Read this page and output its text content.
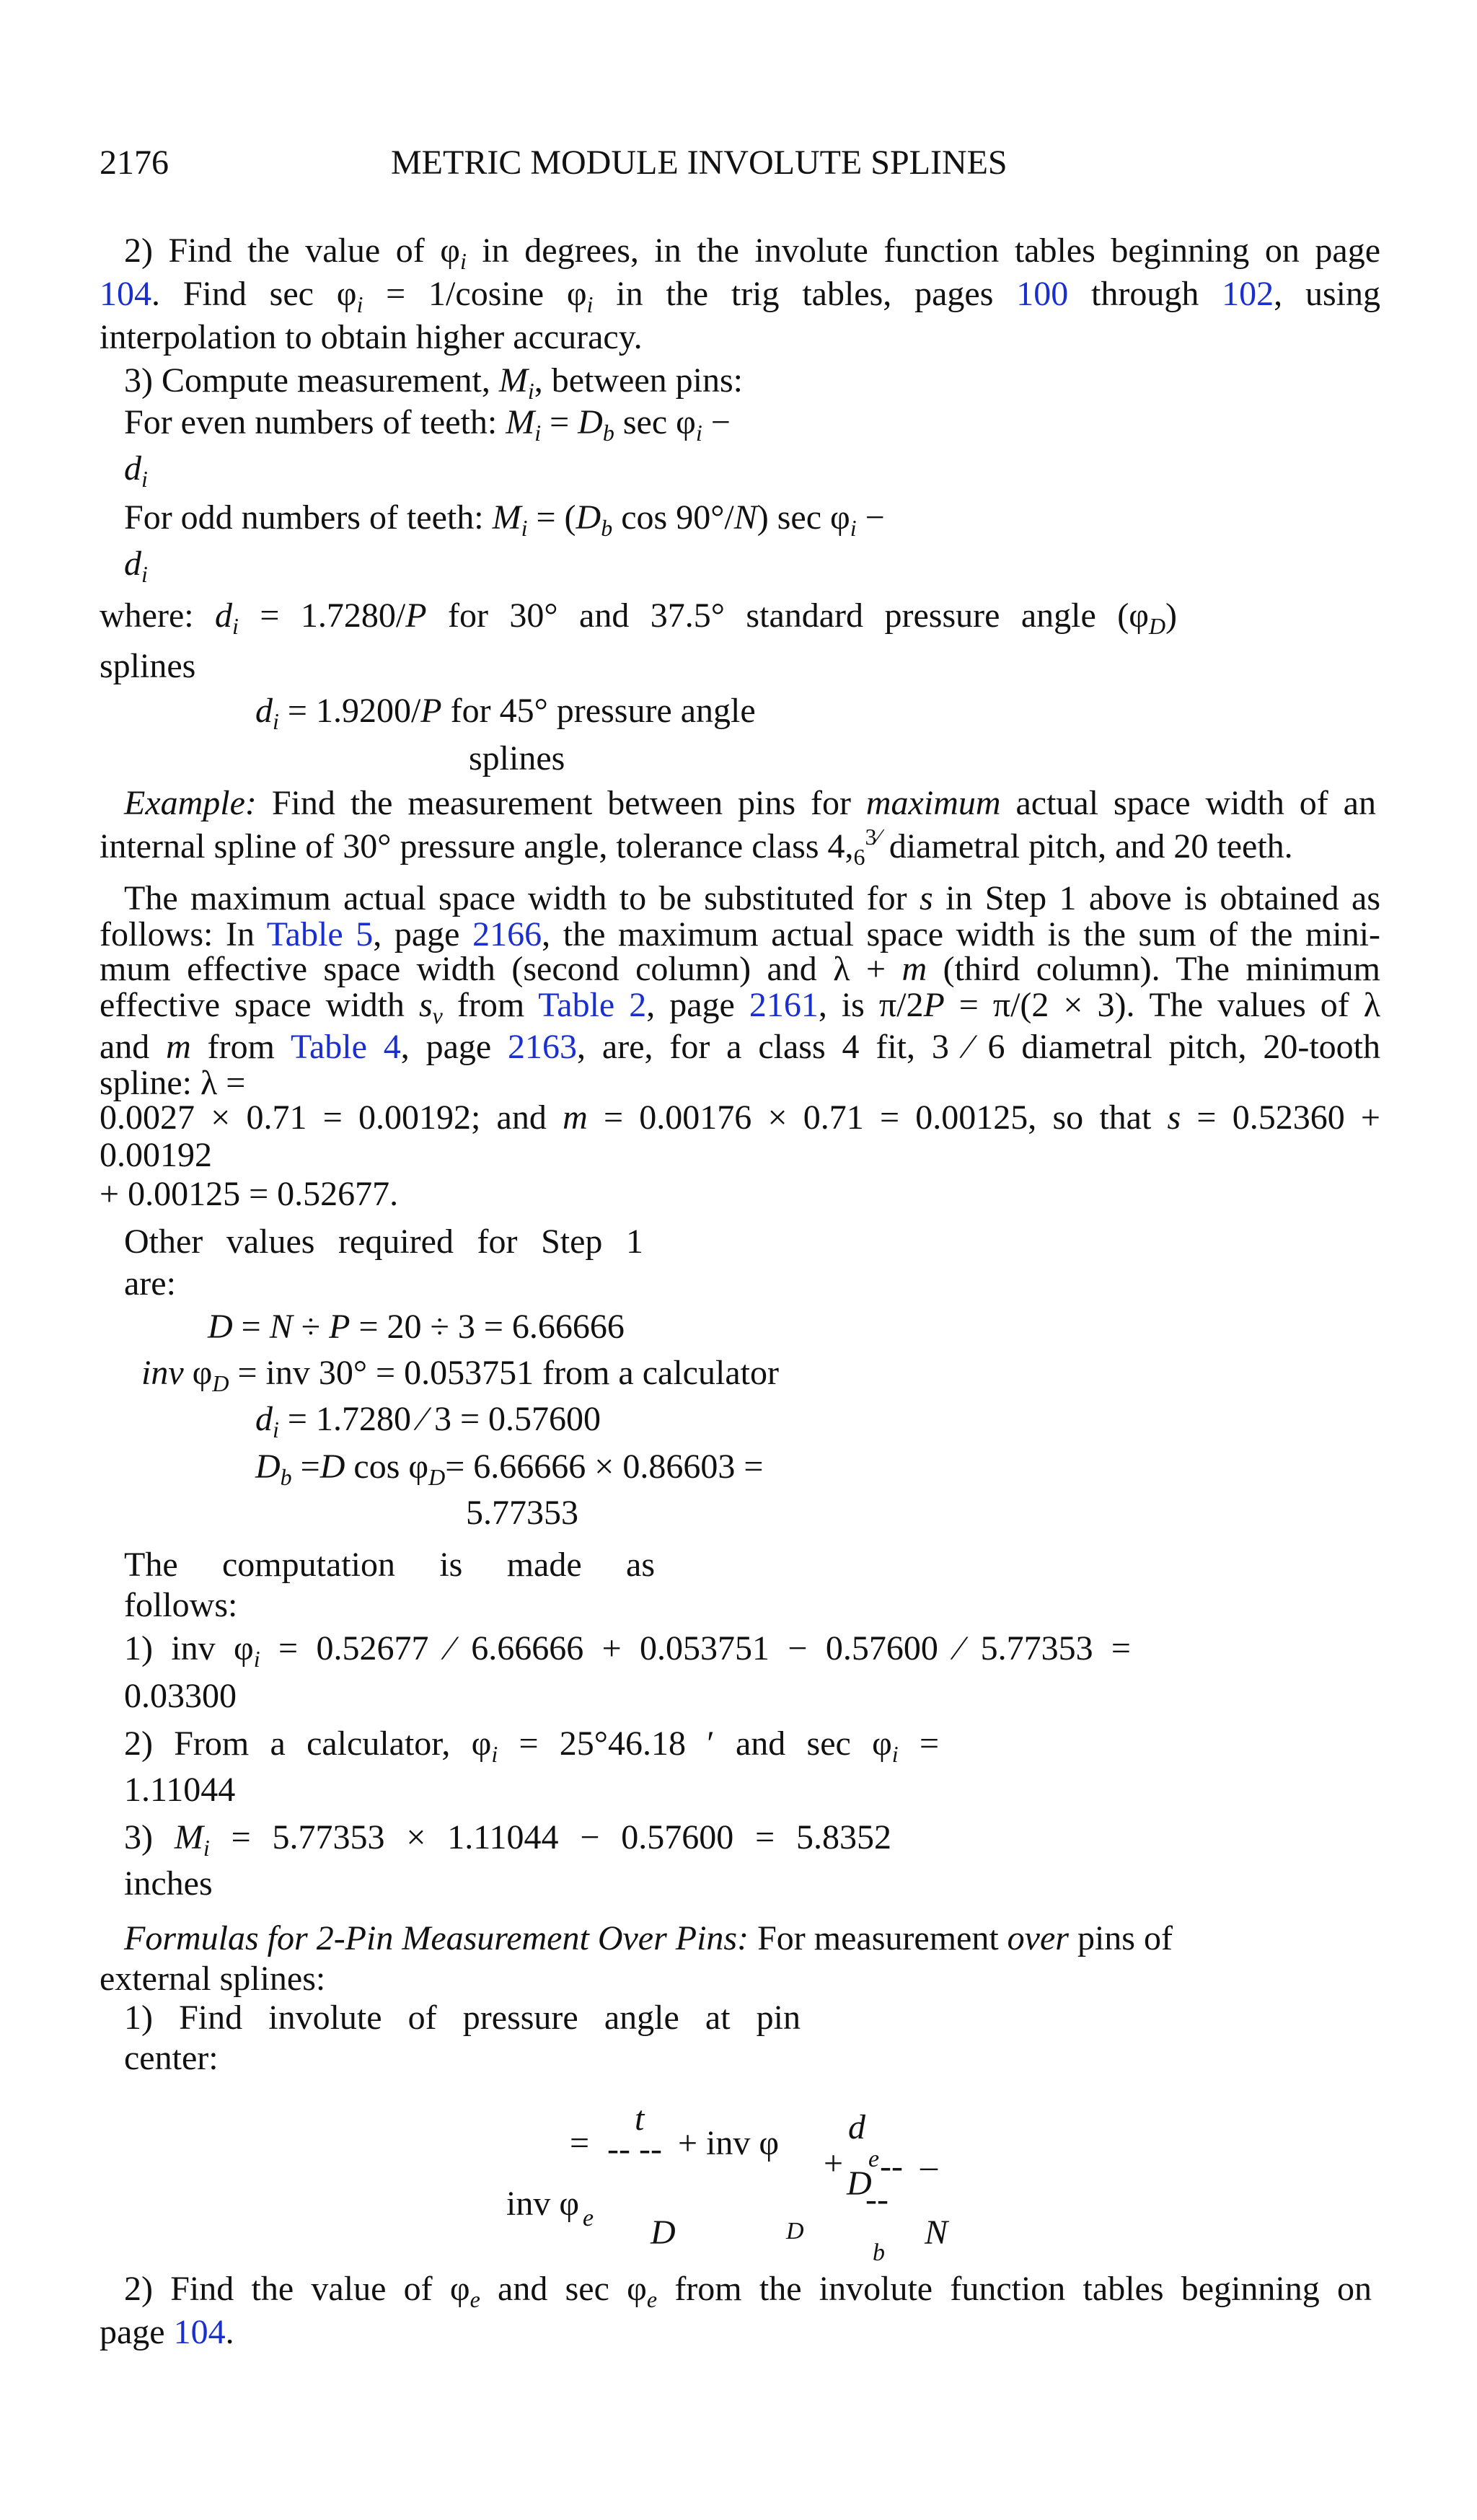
2176	METRIC MODULE INVOLUTE SPLINES
2) Find the value of $\varphi_i$ in degrees, in the involute function tables beginning on page
104. Find $\sec \varphi_i = 1/cosine$ $\varphi_i$ in the trig tables, pages 100 through 102, using
interpolation to obtain higher accuracy.
3) Compute measurement, $M_i$, between pins:
For even numbers of teeth: $M_i = D_b$ $\sec \varphi_i$ −
$d_i$
For odd numbers of teeth: $M_i = (D_b$ cos 90°/N) $\sec \varphi_i$ −
$d_i$
where: $d_i = 1.7280/P$ for 30° and 37.5° standard pressure angle $(\varphi_D)$
splines
$d_i = 1.9200/P$ for 45° pressure angle
splines
Example: Find the measurement between pins for maximum actual space width of an
internal spline of 30° pressure angle, tolerance class $4,_6^{3⁄}$ diametral pitch, and 20 teeth.
The maximum actual space width to be substituted for s in Step 1 above is obtained as
follows: In Table 5, page 2166, the maximum actual space width is the sum of the mini-
mum effective space width (second column) and λ + m (third column). The minimum
effective space width $s_v$ from Table 2, page 2161, is π/2P = π/(2 × 3). The values of λ
and m from Table 4, page 2163, are, for a class 4 fit, 3 ⁄ 6 diametral pitch, 20-tooth
spline: λ =
0.0027 × 0.71 = 0.00192; and m = 0.00176 × 0.71 = 0.00125, so that s = 0.52360 +
0.00192
+ 0.00125 = 0.52677.
Other values required for Step 1
are:
D = N ÷ P = 20 ÷ 3 = 6.66666
inv $\varphi_D$ = inv 30° = 0.053751 from a calculator
$d_i = 1.7280$ ⁄ 3 = 0.57600
$D_b =D$ $\cos \varphi_D= 6.66666 \times 0.86603$ =
5.77353
The computation is made as
follows:
1) inv $\varphi_i = 0.52677$ ⁄ 6.66666 + 0.053751 − 0.57600 ⁄ 5.77353 =
0.03300
2) From a calculator, $\varphi_i = 25^\circ 46.18$ ′ and $\sec \varphi_i$ =
1.11044
3) $M_i = 5.77353 \times 1.11044 - 0.57600 = 5.8352$
inches
Formulas for 2-Pin Measurement Over Pins: For measurement over pins of
external splines:
1) Find involute of pressure angle at pin
center:
=
t
-- -- + inv φ d
e
+ -- –
D
--
inv φ e D	D
b
N
2) Find the value of $\varphi_e$ and $\sec \varphi_e$ from the involute function tables beginning on
page 104.
